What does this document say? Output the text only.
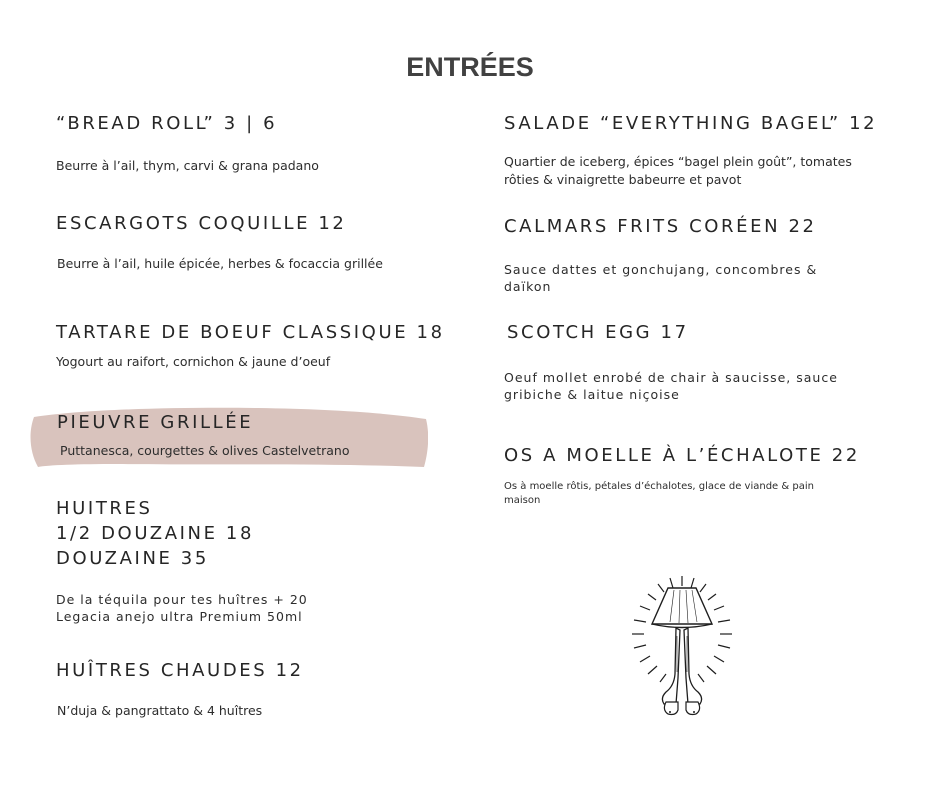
ENTRÉES
“BREAD ROLL” 3 | 6
Beurre à l’ail, thym, carvi & grana padano
ESCARGOTS COQUILLE 12
Beurre à l’ail, huile épicée, herbes & focaccia grillée
TARTARE DE BOEUF CLASSIQUE 18
Yogourt au raifort, cornichon & jaune d’oeuf
PIEUVRE GRILLÉE
Puttanesca, courgettes & olives Castelvetrano
HUITRES
1/2 DOUZAINE 18
DOUZAINE 35
De la téquila pour tes huîtres + 20
Legacia anejo ultra Premium 50ml
HUÎTRES CHAUDES 12
N’duja & pangrattato & 4 huîtres
SALADE “EVERYTHING BAGEL” 12
Quartier de iceberg, épices “bagel plein goût”, tomates
rôties & vinaigrette babeurre et pavot
CALMARS FRITS CORÉEN 22
Sauce dattes et gonchujang, concombres &
daïkon
SCOTCH EGG 17
Oeuf mollet enrobé de chair à saucisse, sauce
gribiche & laitue niçoise
OS A MOELLE À L’ÉCHALOTE 22
Os à moelle rôtis, pétales d’échalotes, glace de viande & pain
maison
